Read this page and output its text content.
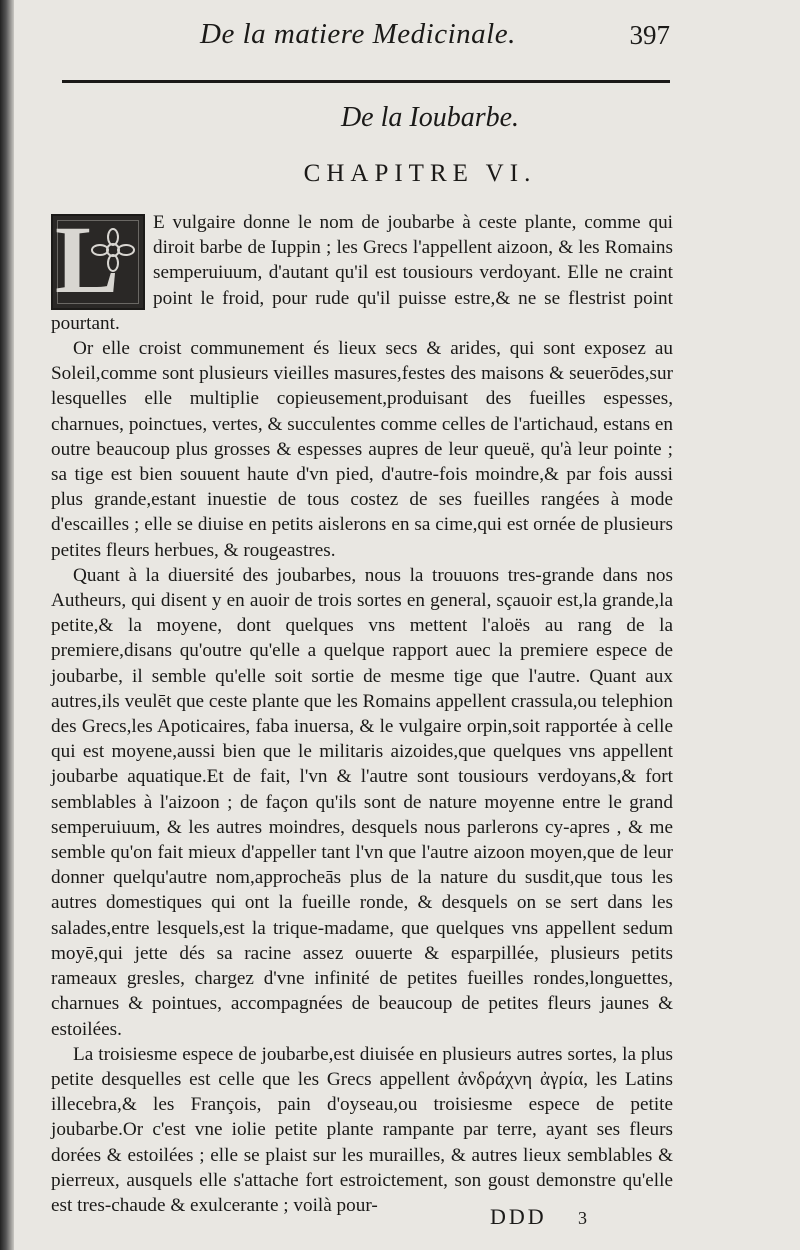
De la matiere Medicinale.	397
De la Ioubarbe.
CHAPITRE VI.
L	E vulgaire donne le nom de joubarbe à ceste plante, comme qui diroit barbe de Iuppin ; les Grecs l'appellent aizoon, & les Romains semperuiuum, d'autant qu'il est tousiours verdoyant. Elle ne craint point le froid, pour rude qu'il puisse estre,& ne se flestrist point pourtant.

Or elle croist communement és lieux secs & arides, qui sont exposez au Soleil,comme sont plusieurs vieilles masures,festes des maisons & seuerōdes,sur lesquelles elle multiplie copieusement,produisant des fueilles espesses, charnues, poinctues, vertes, & succulentes comme celles de l'artichaud, estans en outre beaucoup plus grosses & espesses aupres de leur queuë, qu'à leur pointe ; sa tige est bien souuent haute d'vn pied, d'autre-fois moindre,& par fois aussi plus grande,estant inuestie de tous costez de ses fueilles rangées à mode d'escailles ; elle se diuise en petits aislerons en sa cime,qui est ornée de plusieurs petites fleurs herbues, & rougeastres.

Quant à la diuersité des joubarbes, nous la trouuons tres-grande dans nos Autheurs, qui disent y en auoir de trois sortes en general, sçauoir est,la grande,la petite,& la moyene, dont quelques vns mettent l'aloës au rang de la premiere,disans qu'outre qu'elle a quelque rapport auec la premiere espece de joubarbe, il semble qu'elle soit sortie de mesme tige que l'autre. Quant aux autres,ils veulēt que ceste plante que les Romains appellent crassula,ou telephion des Grecs,les Apoticaires, faba inuersa, & le vulgaire orpin,soit rapportée à celle qui est moyene,aussi bien que le militaris aizoides,que quelques vns appellent joubarbe aquatique.Et de fait, l'vn & l'autre sont tousiours verdoyans,& fort semblables à l'aizoon ; de façon qu'ils sont de nature moyenne entre le grand semperuiuum, & les autres moindres, desquels nous parlerons cy-apres , & me semble qu'on fait mieux d'appeller tant l'vn que l'autre aizoon moyen,que de leur donner quelqu'autre nom,approcheās plus de la nature du susdit,que tous les autres domestiques qui ont la fueille ronde, & desquels on se sert dans les salades,entre lesquels,est la trique-madame, que quelques vns appellent sedum moyē,qui jette dés sa racine assez ouuerte & esparpillée, plusieurs petits rameaux gresles, chargez d'vne infinité de petites fueilles rondes,longuettes, charnues & pointues, accompagnées de beaucoup de petites fleurs jaunes & estoilées.

La troisiesme espece de joubarbe,est diuisée en plusieurs autres sortes, la plus petite desquelles est celle que les Grecs appellent ἀνδράχνη ἀγρία, les Latins illecebra,& les François, pain d'oyseau,ou troisiesme espece de petite joubarbe.Or c'est vne iolie petite plante rampante par terre, ayant ses fleurs dorées & estoilées ; elle se plaist sur les murailles, & autres lieux semblables & pierreux, ausquels elle s'attache fort estroictement, son goust demonstre qu'elle est tres-chaude & exulcerante ; voilà pour-	DDD 3
